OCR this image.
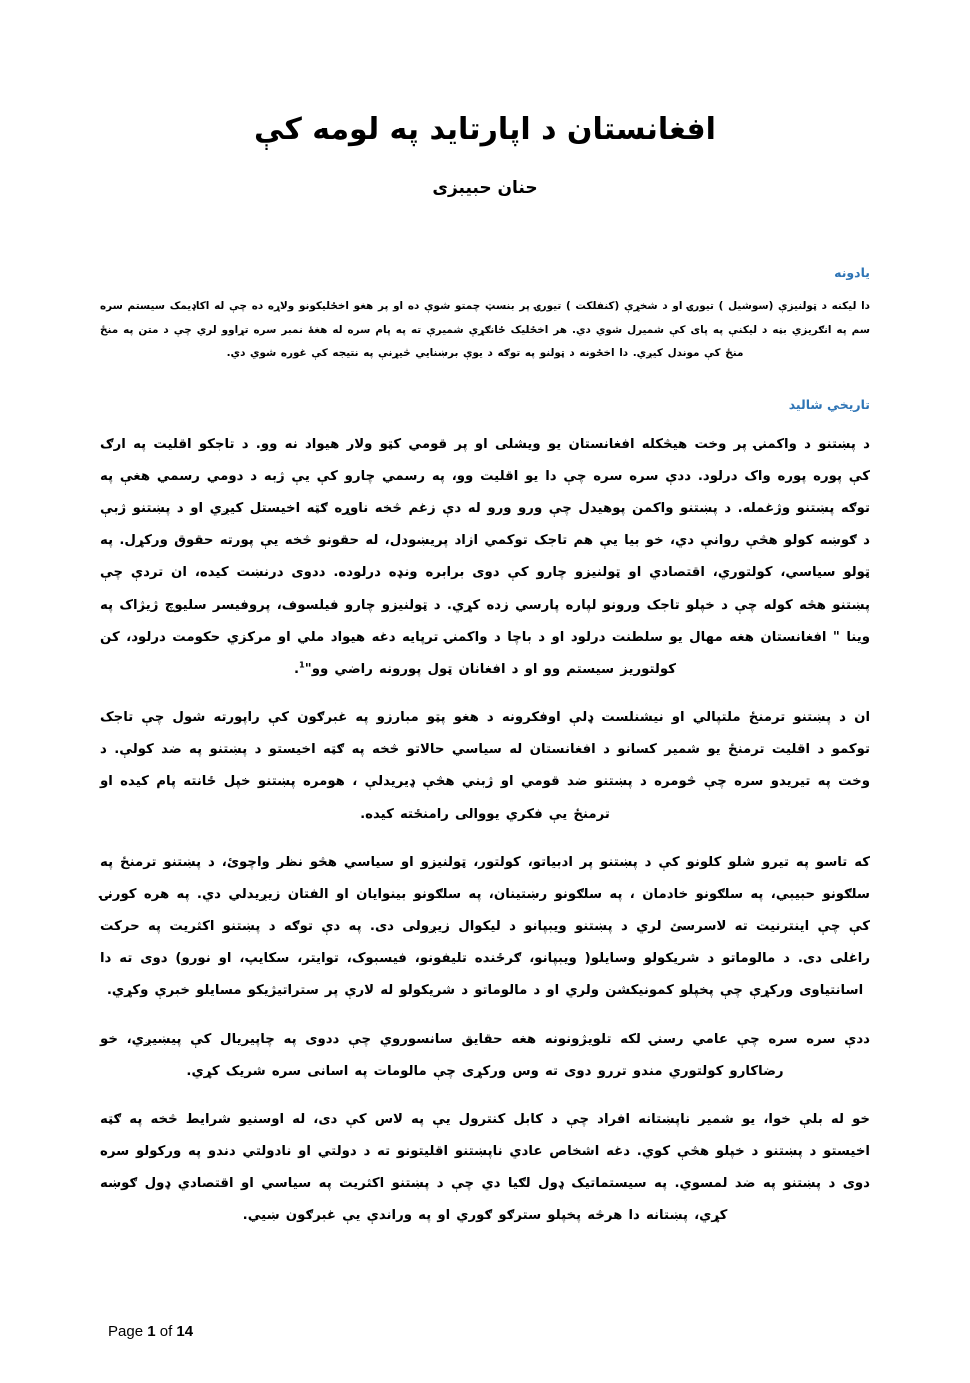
افغانستان د اپارتاید په لومه کې

حنان حبيبزی

یادونه

دا لیکنه د ټولنیزې (سوشیل ) تیورۍ او د شخړې (کنفلکت ) تیورۍ پر بنسټ چمتو شوې ده او پر هغو اخځلیکونو ولاړه ده چې له اکاډیمک سیستم سره سم په انګریزي بڼه د لیکنې په پای کې شمیرل شوي دي. هر اخځلیک ځانګړې شمیرې ته په پام سره له هغهٔ نمبر سره تړاوو لري چې د متن په منځ منځ کې موندل کیږي. دا اخځونه د ټولنو په توګه د یوې برښنایي څیړنې په نتیجه کې غوره شوي دي.

تاریخي شالید

د پښتنو د واکمنۍ پر وخت هیڅکله افغانستان یو ویشلی او پر قومي کټو ولار هیواد نه وو. د تاجکو اقلیت په ارګ کې پوره پوره واک درلود. ددې سره سره چې دا یو اقلیت وو، په رسمي چارو کې یې ژبه د دومي رسمي هغې په توګه پښتنو وژغمله. د پښتنو واکمن پوهیدل چې ورو ورو له دې زغم څخه ناوړه ګټه اخیستل کیږي او د پښتنو ژبې د ګوښه کولو هڅې روانې دي، خو بیا یې هم تاجک توکمي ازاد پریښودل، له حقونو څخه یې پورته حقوق ورکړل. په ټولو سیاسي، کولتوري، اقتصادي او ټولنیزو چارو کې دوی برابره ونډه درلوده. ددوی درنښت کیده، ان تردې چې پښتنو هڅه کوله چې د خپلو تاجک ورونو لپاره پارسي زده کړي. د ټولنیزو چارو فیلسوف، پروفیسر سلیوچ ژیژاک په وینا " افغانستان هغه مهال یو سلطنت درلود او د باچا د واکمنۍ ترپایه دغه هیواد ملي او مرکزي حکومت درلود، کن کولتوریز سیستم وو او د افغانان ټول پورونه راضي وو"$^1$.

ان د پښتنو ترمنځ ملتپالي او نیشنلست ډلې اوفکرونه د هغو پټو مبارزو په غبرګون کې راپورته شول چې تاجک توکمو د اقلیت ترمنځ یو شمیر کسانو د افغانستان له سیاسي حالاتو څخه په ګټه اخیستو د پښتنو په ضد کولې. د وخت په تیریدو سره چې څومره د پښتنو ضد قومي او ژبني هڅې ډیریدلې ، هومره پښتنو خپل ځانته پام کیده او ترمنځ یې فکري یووالی رامنځته کیده.

که تاسو په تیرو شلو کلونو کې د پښتنو پر ادبیاتو، کولتور، ټولنیزو او سیاسي هڅو نظر واچوئ، د پښتنو ترمنځ په سلګونو حبیبي، په سلګونو خادمان ، په سلګونو رښتینان، په سلګونو بینوایان او الفتان زیږیدلي دي. په هره کورنۍ کې چې اینترنیت ته لاسرسئ لري د پښتنو ویبپانو د لیکوال زیږولی دی. په دې توګه د پښتنو اکثریت په حرکت راغلی دی. د مالوماتو د شریکولو وسایلو( ویبپانو، ګرځنده تلیفونو، فیسبوک، توایتر، سکایپ، او نورو) دوی ته دا اسانتیاوی ورکړې چې پخپلو کمونیکشن ولري او د مالوماتو د شریکولو له لارې پر ستراتیژیکو مسایلو خبرې وکړي.

ددې سره سره چې عامي رسنۍ لکه تلویژونونه هغه حقایق سانسوروي چې ددوی په چاپیریال کې پیښیږي، خو رضاکارو کولتوري مندو تررو دوی ته وس ورکړی چې مالومات په اسانی سره شریک کړي.

خو له بلې خوا، یو شمیر ناپښتانه افراد چې د کابل کنترول یې په لاس کې دی، له اوسنیو شرایط څخه په ګټه اخیستو د پښتنو د خپلو هڅې کوي. دغه اشخاص عادي ناپښتنو اقلیتونو ته د دولتي او نادولتي دندو په ورکولو سره دوی د پښتنو په ضد لمسوي. په سیستماتیک ډول لګیا دي چې د پښتنو اکثریت په سیاسي او اقتصادي ډول ګوښه کړي، پښتانه دا هرڅه پخپلو سترګو ګوري او په وراندې یې غبرګون ښیي.

Page 1 of 14
